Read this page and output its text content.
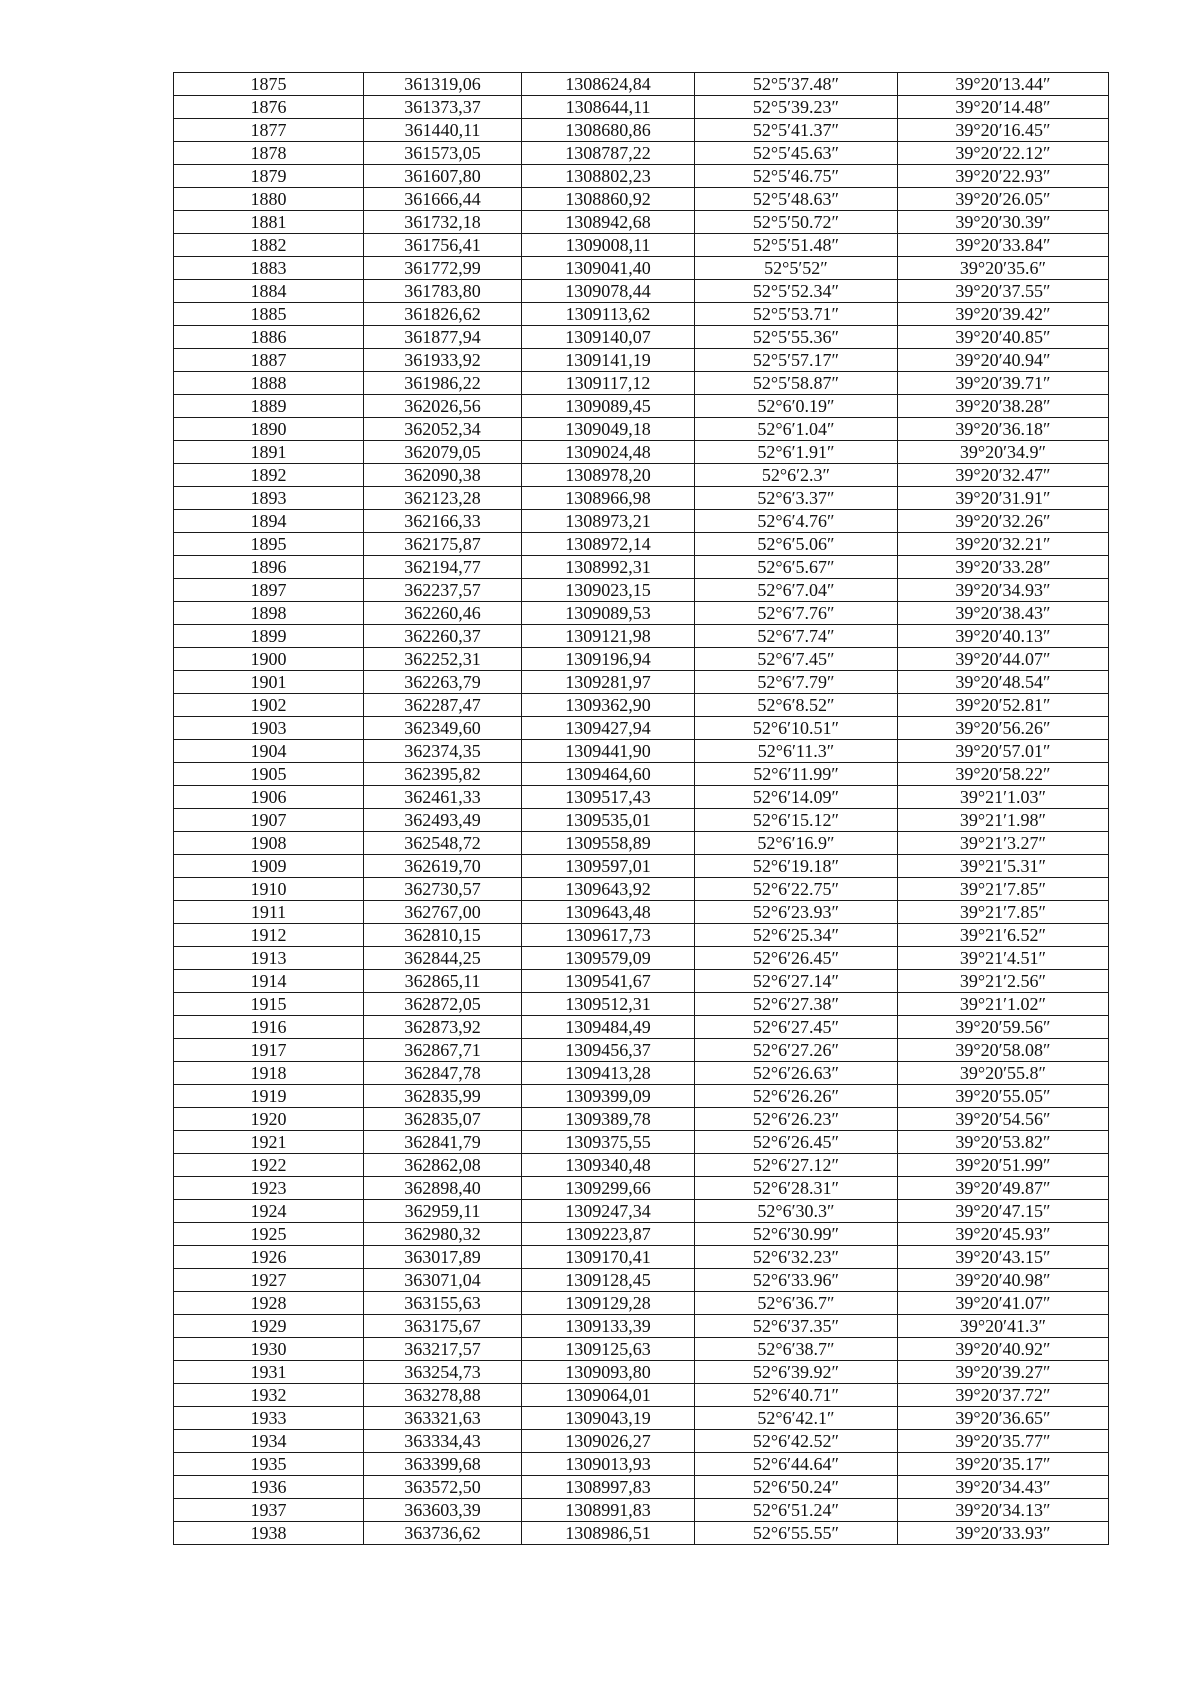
1875	361319,06	1308624,84	52°5′37.48″	39°20′13.44″
1876	361373,37	1308644,11	52°5′39.23″	39°20′14.48″
1877	361440,11	1308680,86	52°5′41.37″	39°20′16.45″
1878	361573,05	1308787,22	52°5′45.63″	39°20′22.12″
1879	361607,80	1308802,23	52°5′46.75″	39°20′22.93″
1880	361666,44	1308860,92	52°5′48.63″	39°20′26.05″
1881	361732,18	1308942,68	52°5′50.72″	39°20′30.39″
1882	361756,41	1309008,11	52°5′51.48″	39°20′33.84″
1883	361772,99	1309041,40	52°5′52″	39°20′35.6″
1884	361783,80	1309078,44	52°5′52.34″	39°20′37.55″
1885	361826,62	1309113,62	52°5′53.71″	39°20′39.42″
1886	361877,94	1309140,07	52°5′55.36″	39°20′40.85″
1887	361933,92	1309141,19	52°5′57.17″	39°20′40.94″
1888	361986,22	1309117,12	52°5′58.87″	39°20′39.71″
1889	362026,56	1309089,45	52°6′0.19″	39°20′38.28″
1890	362052,34	1309049,18	52°6′1.04″	39°20′36.18″
1891	362079,05	1309024,48	52°6′1.91″	39°20′34.9″
1892	362090,38	1308978,20	52°6′2.3″	39°20′32.47″
1893	362123,28	1308966,98	52°6′3.37″	39°20′31.91″
1894	362166,33	1308973,21	52°6′4.76″	39°20′32.26″
1895	362175,87	1308972,14	52°6′5.06″	39°20′32.21″
1896	362194,77	1308992,31	52°6′5.67″	39°20′33.28″
1897	362237,57	1309023,15	52°6′7.04″	39°20′34.93″
1898	362260,46	1309089,53	52°6′7.76″	39°20′38.43″
1899	362260,37	1309121,98	52°6′7.74″	39°20′40.13″
1900	362252,31	1309196,94	52°6′7.45″	39°20′44.07″
1901	362263,79	1309281,97	52°6′7.79″	39°20′48.54″
1902	362287,47	1309362,90	52°6′8.52″	39°20′52.81″
1903	362349,60	1309427,94	52°6′10.51″	39°20′56.26″
1904	362374,35	1309441,90	52°6′11.3″	39°20′57.01″
1905	362395,82	1309464,60	52°6′11.99″	39°20′58.22″
1906	362461,33	1309517,43	52°6′14.09″	39°21′1.03″
1907	362493,49	1309535,01	52°6′15.12″	39°21′1.98″
1908	362548,72	1309558,89	52°6′16.9″	39°21′3.27″
1909	362619,70	1309597,01	52°6′19.18″	39°21′5.31″
1910	362730,57	1309643,92	52°6′22.75″	39°21′7.85″
1911	362767,00	1309643,48	52°6′23.93″	39°21′7.85″
1912	362810,15	1309617,73	52°6′25.34″	39°21′6.52″
1913	362844,25	1309579,09	52°6′26.45″	39°21′4.51″
1914	362865,11	1309541,67	52°6′27.14″	39°21′2.56″
1915	362872,05	1309512,31	52°6′27.38″	39°21′1.02″
1916	362873,92	1309484,49	52°6′27.45″	39°20′59.56″
1917	362867,71	1309456,37	52°6′27.26″	39°20′58.08″
1918	362847,78	1309413,28	52°6′26.63″	39°20′55.8″
1919	362835,99	1309399,09	52°6′26.26″	39°20′55.05″
1920	362835,07	1309389,78	52°6′26.23″	39°20′54.56″
1921	362841,79	1309375,55	52°6′26.45″	39°20′53.82″
1922	362862,08	1309340,48	52°6′27.12″	39°20′51.99″
1923	362898,40	1309299,66	52°6′28.31″	39°20′49.87″
1924	362959,11	1309247,34	52°6′30.3″	39°20′47.15″
1925	362980,32	1309223,87	52°6′30.99″	39°20′45.93″
1926	363017,89	1309170,41	52°6′32.23″	39°20′43.15″
1927	363071,04	1309128,45	52°6′33.96″	39°20′40.98″
1928	363155,63	1309129,28	52°6′36.7″	39°20′41.07″
1929	363175,67	1309133,39	52°6′37.35″	39°20′41.3″
1930	363217,57	1309125,63	52°6′38.7″	39°20′40.92″
1931	363254,73	1309093,80	52°6′39.92″	39°20′39.27″
1932	363278,88	1309064,01	52°6′40.71″	39°20′37.72″
1933	363321,63	1309043,19	52°6′42.1″	39°20′36.65″
1934	363334,43	1309026,27	52°6′42.52″	39°20′35.77″
1935	363399,68	1309013,93	52°6′44.64″	39°20′35.17″
1936	363572,50	1308997,83	52°6′50.24″	39°20′34.43″
1937	363603,39	1308991,83	52°6′51.24″	39°20′34.13″
1938	363736,62	1308986,51	52°6′55.55″	39°20′33.93″
